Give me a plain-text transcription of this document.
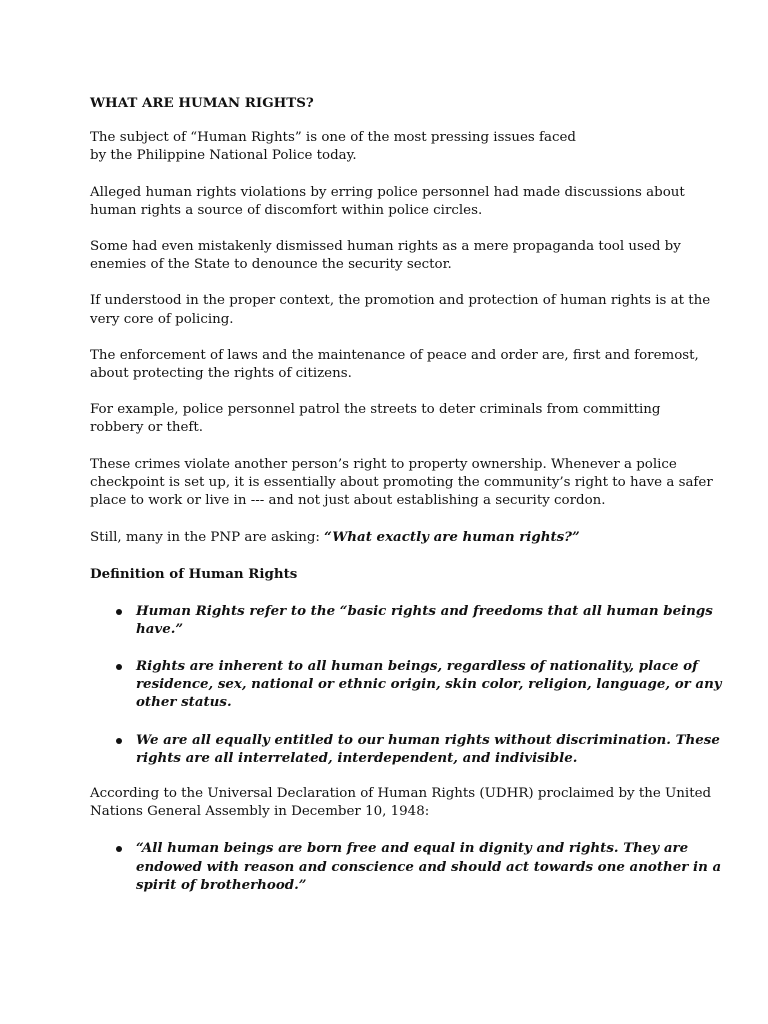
WHAT ARE HUMAN RIGHTS?
The subject of “Human Rights” is one of the most pressing issues faced
by the Philippine National Police today.
Alleged human rights violations by erring police personnel had made discussions about
human rights a source of discomfort within police circles.
Some had even mistakenly dismissed human rights as a mere propaganda tool used by
enemies of the State to denounce the security sector.
If understood in the proper context, the promotion and protection of human rights is at the
very core of policing.
The enforcement of laws and the maintenance of peace and order are, first and foremost,
about protecting the rights of citizens.
For example, police personnel patrol the streets to deter criminals from committing
robbery or theft.
These crimes violate another person’s right to property ownership. Whenever a police
checkpoint is set up, it is essentially about promoting the community’s right to have a safer
place to work or live in --- and not just about establishing a security cordon.
Still, many in the PNP are asking: “What exactly are human rights?”
Definition of Human Rights
Human Rights refer to the “basic rights and freedoms that all human beings
have.”
Rights are inherent to all human beings, regardless of nationality, place of
residence, sex, national or ethnic origin, skin color, religion, language, or any
other status.
We are all equally entitled to our human rights without discrimination. These
rights are all interrelated, interdependent, and indivisible.
According to the Universal Declaration of Human Rights (UDHR) proclaimed by the United
Nations General Assembly in December 10, 1948:
“All human beings are born free and equal in dignity and rights. They are
endowed with reason and conscience and should act towards one another in a
spirit of brotherhood.”
